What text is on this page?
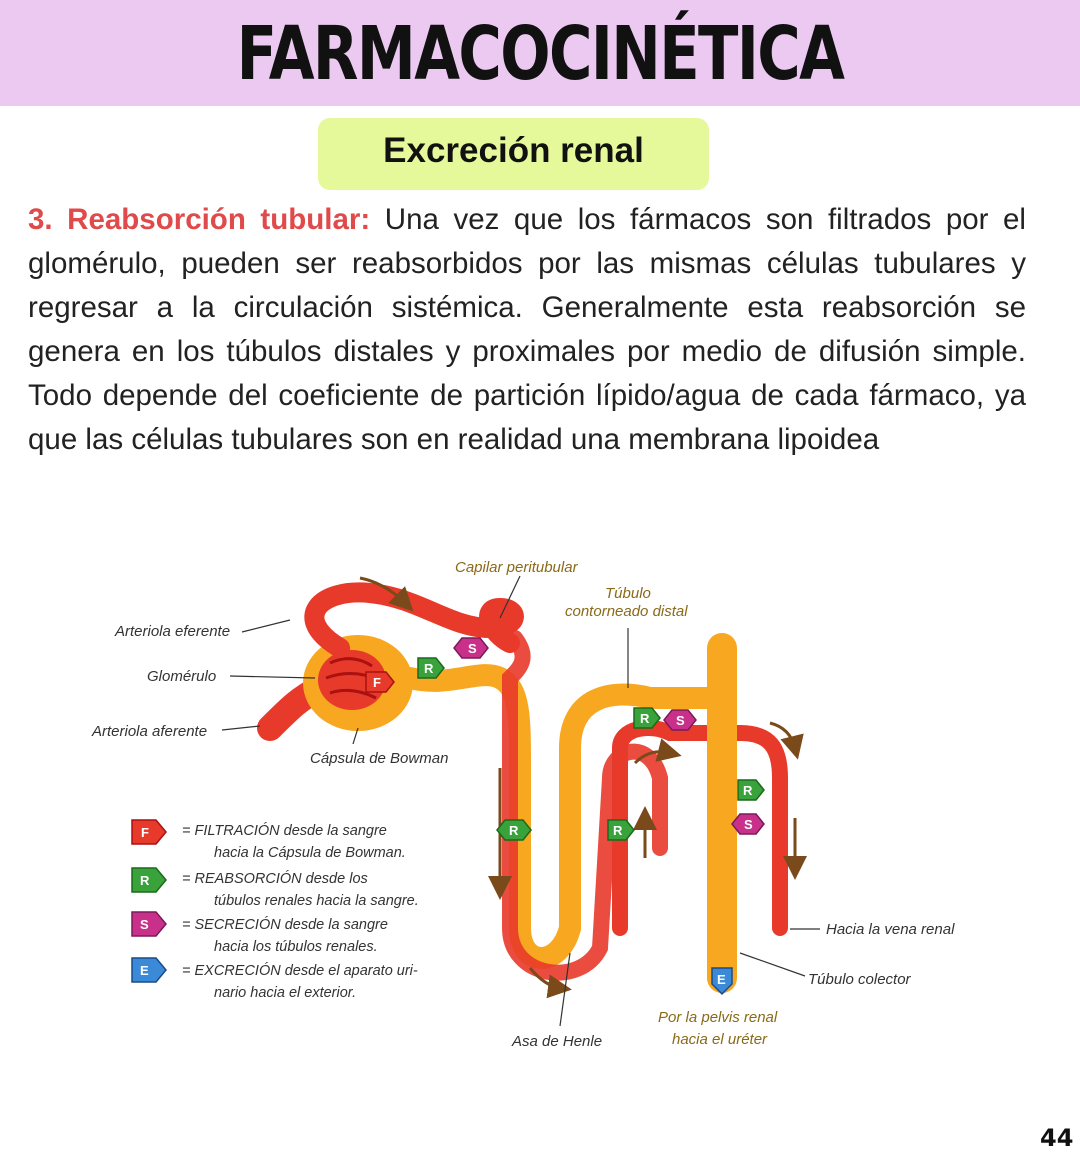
FARMACOCINÉTICA
Excreción renal
3. Reabsorción tubular: Una vez que los fármacos son filtrados por el glomérulo, pueden ser reabsorbidos por las mismas células tubulares y regresar a la circulación sistémica. Generalmente esta reabsorción se genera en los túbulos distales y proximales por medio de difusión simple. Todo depende del coeficiente de partición lípido/agua de cada fármaco, ya que las células tubulares son en realidad una membrana lipoidea
Capilar peritubular
Túbulo
contorneado distal
Arteriola eferente
Glomérulo
Arteriola aferente
Cápsula de Bowman
Hacia la vena renal
Túbulo colector
Por la pelvis renal
hacia el uréter
Asa de Henle
F
R
S
R S
R	R
R
S
E
F = FILTRACIÓN desde la sangre
hacia la Cápsula de Bowman.
R = REABSORCIÓN desde los
túbulos renales hacia la sangre.
S = SECRECIÓN desde la sangre
hacia los túbulos renales.
E = EXCRECIÓN desde el aparato uri-
nario hacia el exterior.
44
